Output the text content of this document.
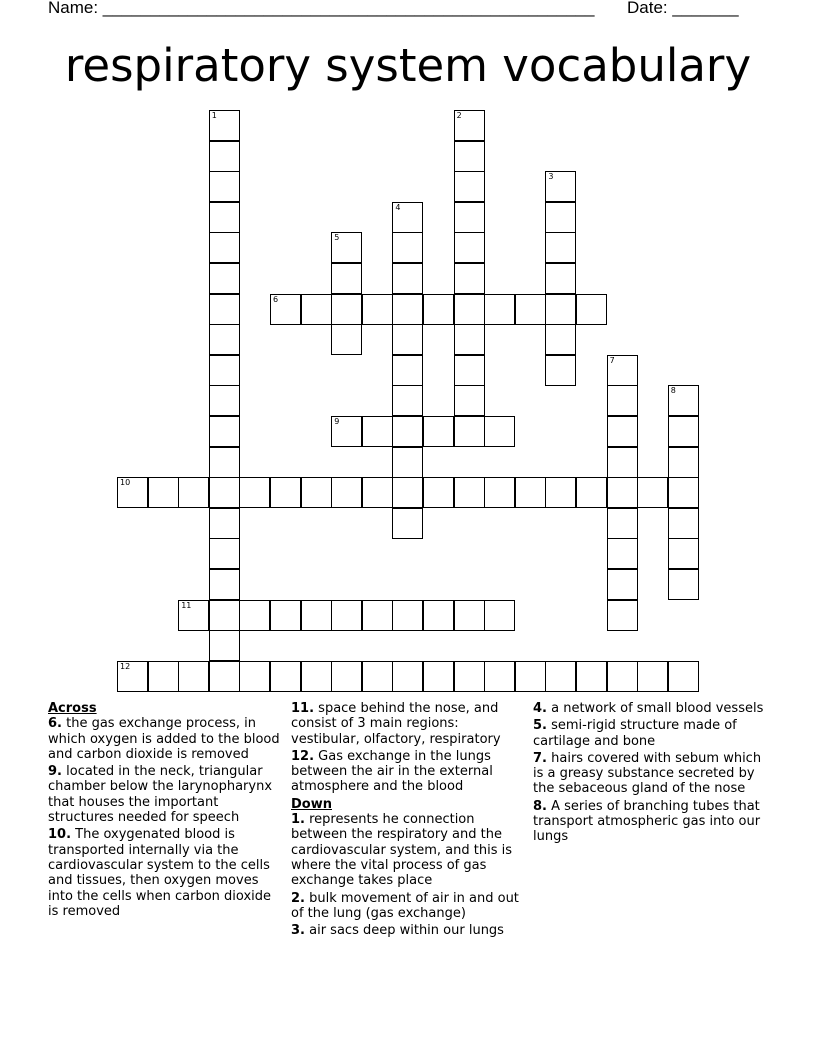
Name: ____________________________________________________ Date: _______
respiratory system vocabulary
1	2
3
4
5
6
7
8
9
10
11
12
Across
6. the gas exchange process, in which oxygen is added to the blood and carbon dioxide is removed
9. located in the neck, triangular chamber below the larynopharynx that houses the important structures needed for speech
10. The oxygenated blood is transported internally via the cardiovascular system to the cells and tissues, then oxygen moves into the cells when carbon dioxide is removed
11. space behind the nose, and consist of 3 main regions: vestibular, olfactory, respiratory
12. Gas exchange in the lungs between the air in the external atmosphere and the blood
Down
1. represents he connection between the respiratory and the cardiovascular system, and this is where the vital process of gas exchange takes place
2. bulk movement of air in and out of the lung (gas exchange)
3. air sacs deep within our lungs
4. a network of small blood vessels
5. semi-rigid structure made of cartilage and bone
7. hairs covered with sebum which is a greasy substance secreted by the sebaceous gland of the nose
8. A series of branching tubes that transport atmospheric gas into our lungs
